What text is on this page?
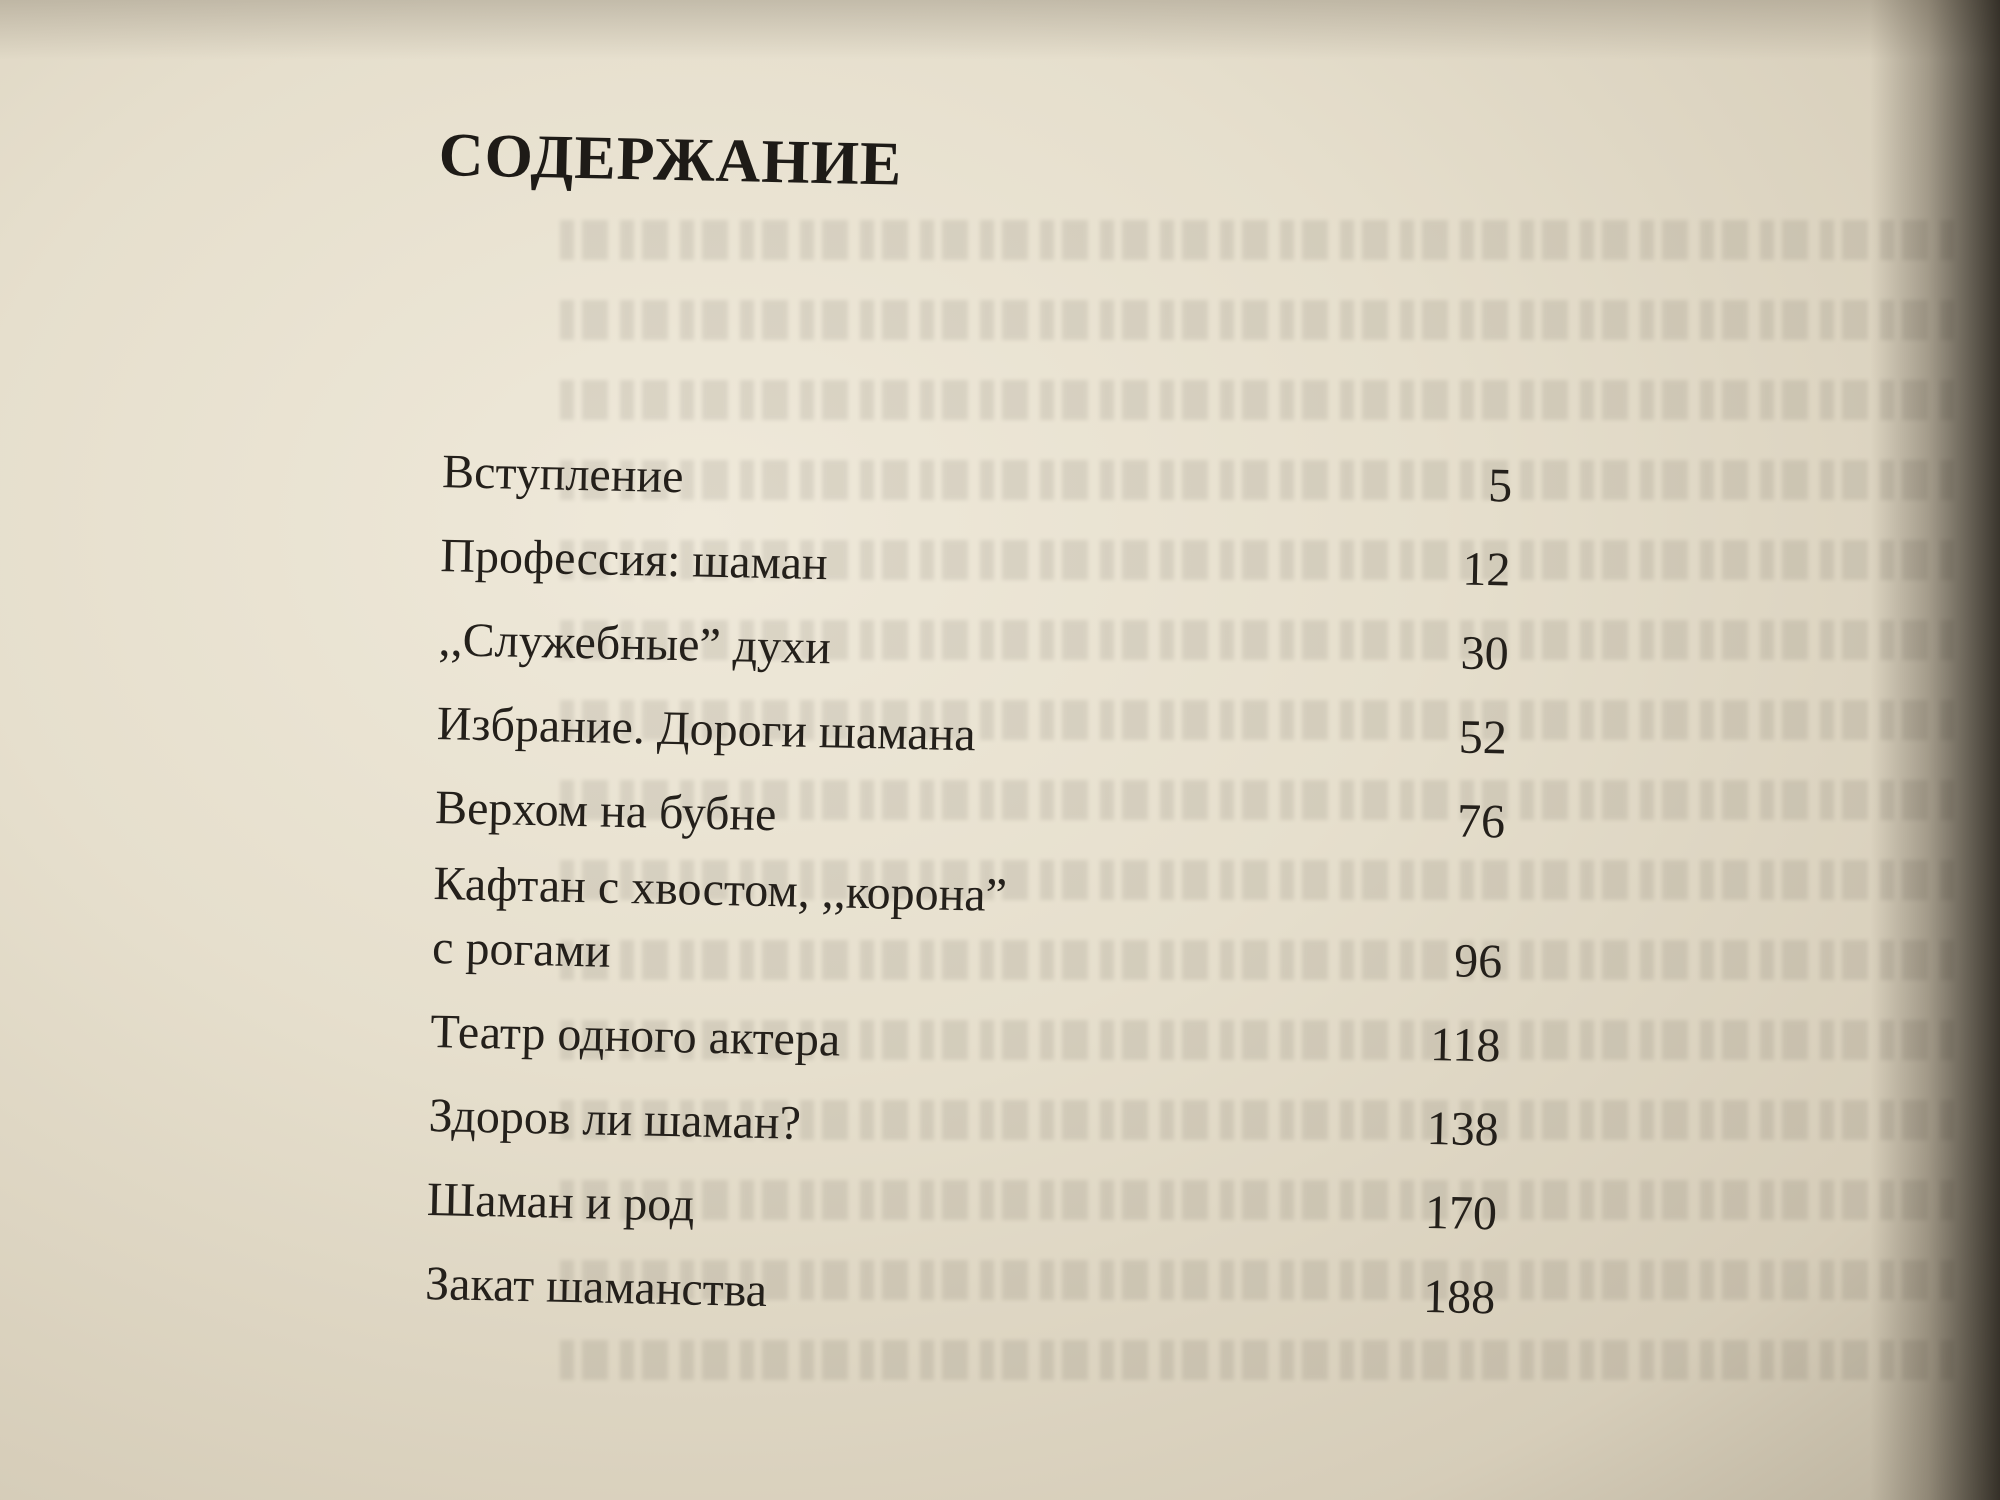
СОДЕРЖАНИЕ
Вступление	5
Профессия: шаман	12
,,Служебные” духи	30
Избрание. Дороги шамана	52
Верхом на бубне	76
Кафтан с хвостом, ,,корона”
с рогами	96
Театр одного актера	118
Здоров ли шаман?	138
Шаман и род	170
Закат шаманства	188
